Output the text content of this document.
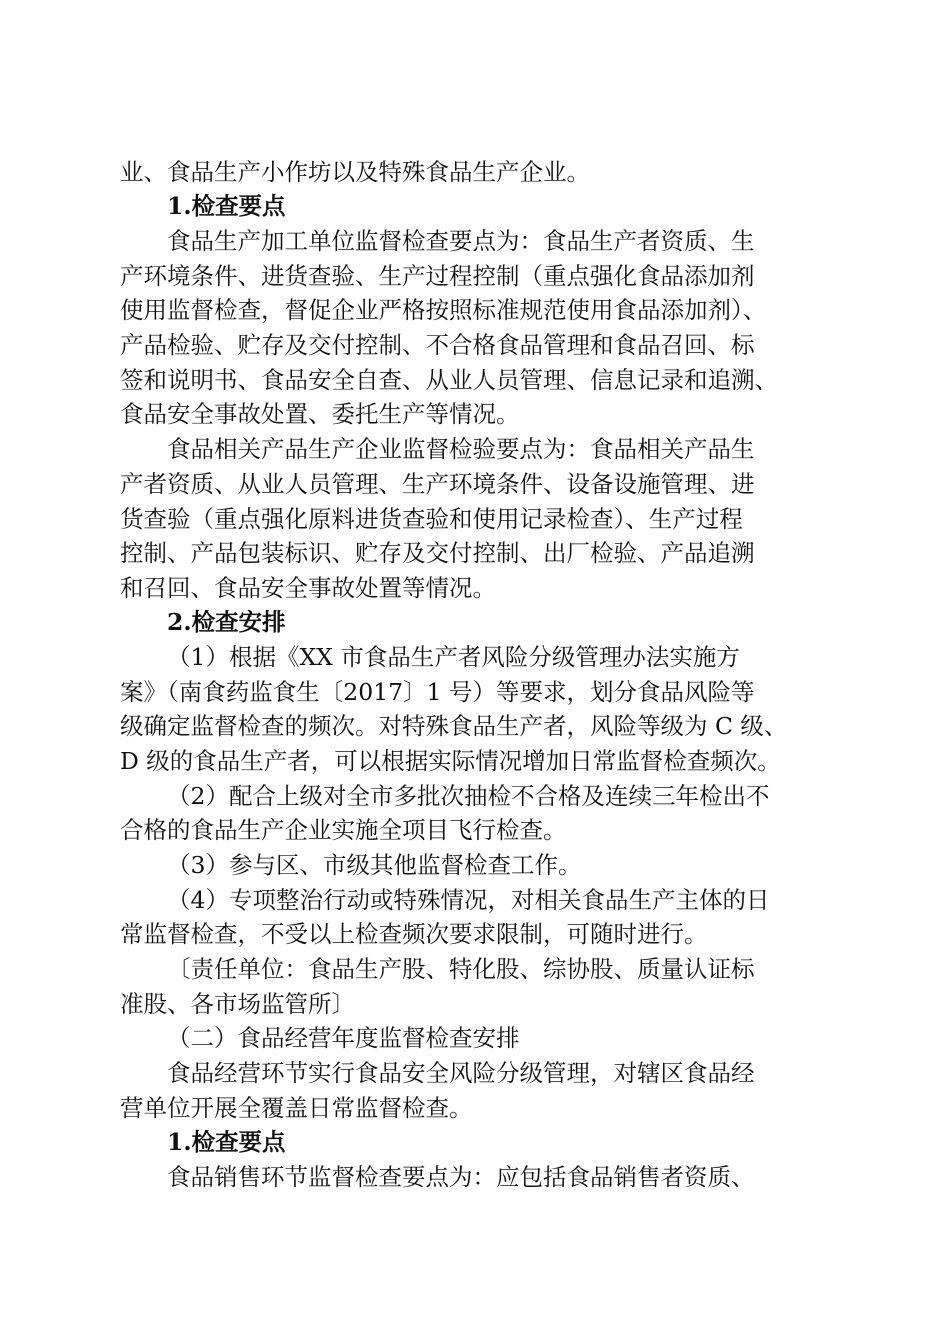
业、食品生产小作坊以及特殊食品生产企业。
1.检查要点
食品生产加工单位监督检查要点为：食品生产者资质、生
产环境条件、进货查验、生产过程控制（重点强化食品添加剂
使用监督检查，督促企业严格按照标准规范使用食品添加剂）、
产品检验、贮存及交付控制、不合格食品管理和食品召回、标
签和说明书、食品安全自查、从业人员管理、信息记录和追溯、
食品安全事故处置、委托生产等情况。
食品相关产品生产企业监督检验要点为：食品相关产品生
产者资质、从业人员管理、生产环境条件、设备设施管理、进
货查验（重点强化原料进货查验和使用记录检查）、生产过程
控制、产品包装标识、贮存及交付控制、出厂检验、产品追溯
和召回、食品安全事故处置等情况。
2.检查安排
（1）根据《XX 市食品生产者风险分级管理办法实施方
案》（南食药监食生〔2017〕1 号）等要求，划分食品风险等
级确定监督检查的频次。对特殊食品生产者，风险等级为 C 级、
D 级的食品生产者，可以根据实际情况增加日常监督检查频次。
（2）配合上级对全市多批次抽检不合格及连续三年检出不
合格的食品生产企业实施全项目飞行检查。
（3）参与区、市级其他监督检查工作。
（4）专项整治行动或特殊情况，对相关食品生产主体的日
常监督检查，不受以上检查频次要求限制，可随时进行。
〔责任单位：食品生产股、特化股、综协股、质量认证标
准股、各市场监管所〕
（二）食品经营年度监督检查安排
食品经营环节实行食品安全风险分级管理，对辖区食品经
营单位开展全覆盖日常监督检查。
1.检查要点
食品销售环节监督检查要点为：应包括食品销售者资质、
